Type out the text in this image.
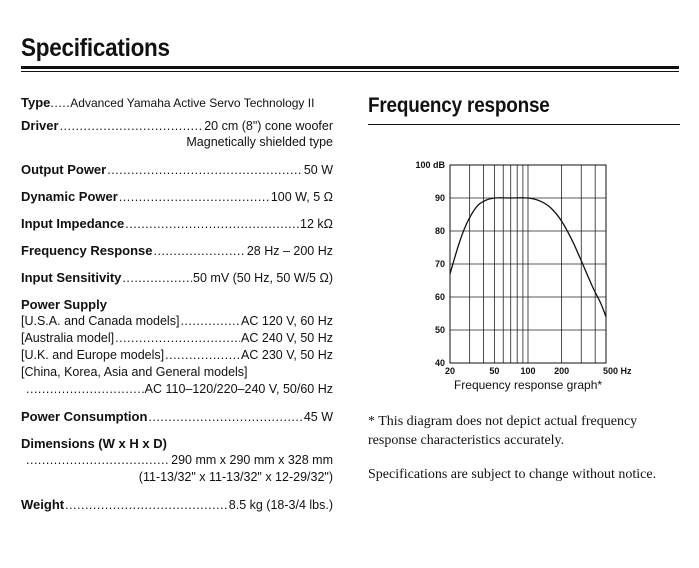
Specifications
Type ..... Advanced Yamaha Active Servo Technology II
Driver .....	20 cm (8") cone woofer
Magnetically shielded type
Output Power .....	50 W
Dynamic Power .....	100 W, 5 Ω
Input Impedance .....	12 kΩ
Frequency Response .....	28 Hz – 200 Hz
Input Sensitivity .....	50 mV (50 Hz, 50 W/5 Ω)
Power Supply
[U.S.A. and Canada models] .....	AC 120 V, 60 Hz
[Australia model] .....	AC 240 V, 50 Hz
[U.K. and Europe models] .....	AC 230 V, 50 Hz
[China, Korea, Asia and General models]
.....
AC 110–120/220–240 V, 50/60 Hz
Power Consumption .....	45 W
Dimensions (W x H x D)
.....
290 mm x 290 mm x 328 mm
(11-13/32" x 11-13/32" x 12-29/32")
Weight .....	8.5 kg (18-3/4 lbs.)
Frequency response
40
50
60
70
80
90
100 dB
20	50 100 200	500 Hz
Frequency response graph*
* This diagram does not depict actual frequency response characteristics accurately.
Specifications are subject to change without notice.
